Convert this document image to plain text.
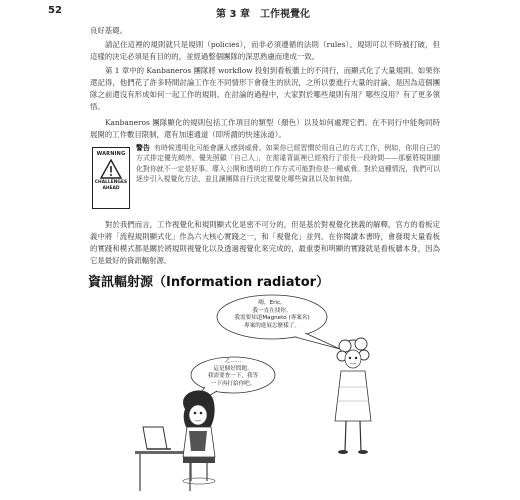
52	第 3 章　工作視覺化

良好基礎。

請記住這裡的規則就只是規則（policies），而非必須遵循的法則（rules）。規則可以不時被打破，但這樣的決定必須是有目的的，並經過整個團隊的深思熟慮而達成一致。

第 1 章中的 Kanbaneros 團隊將 workflow 投射到看板牆上的不同行，而顯式化了大量規則。如果你還記得，他們花了許多時間討論工作在不同情形下會發生的狀況，之所以要進行大量的討論，是因為這個團隊之前還沒有形成如何一起工作的規則。在討論的過程中，大家對於哪些規則有用？哪些沒用？有了更多領悟。

Kanbaneros 團隊顯化的規則包括工作項目的類型（顏色）以及如何處理它們、在不同行中能夠同時展開的工作數目限制，還有加速通道（即所謂的快速泳道）。

WARNING
CHALLENGES AHEAD

警告 有時候透明化可能會讓人感到威脅。如果你已經習慣於用自己的方式工作，例如，你用自己的方式排定優先順序，優先照顧「自己人」，在需違背區裡已經飛行了很長一段時間——那麼將規則顯化對你就不一定是好事。導入公開和透明的工作方式可能對你是一種威脅。對於這種情況，我們可以逐步引入視覺化方法，並且讓團隊自行決定視覺化哪些資訊以及如何做。

對於我們而言，工作視覺化和規則顯式化是密不可分的，但是基於對視覺化狹義的解釋，官方的看板定義中將「流程規則顯式化」作為六大核心實踐之一，和「視覺化」並列。在你閱讀本書時，會發現大量看板的實踐和模式都是關於將規則視覺化以及透過視覺化來完成的，最重要和明顯的實踐就是看板牆本身，因為它是最好的資訊輻射源。

資訊輻射源（Information radiator）
嗨，Eric，
我一直在找你。
我需要知道Magneto (專案名)
專案的進展怎麼樣了。
之……
這是個好問題。
我需要查一下，我等
一下再打給你吧。
